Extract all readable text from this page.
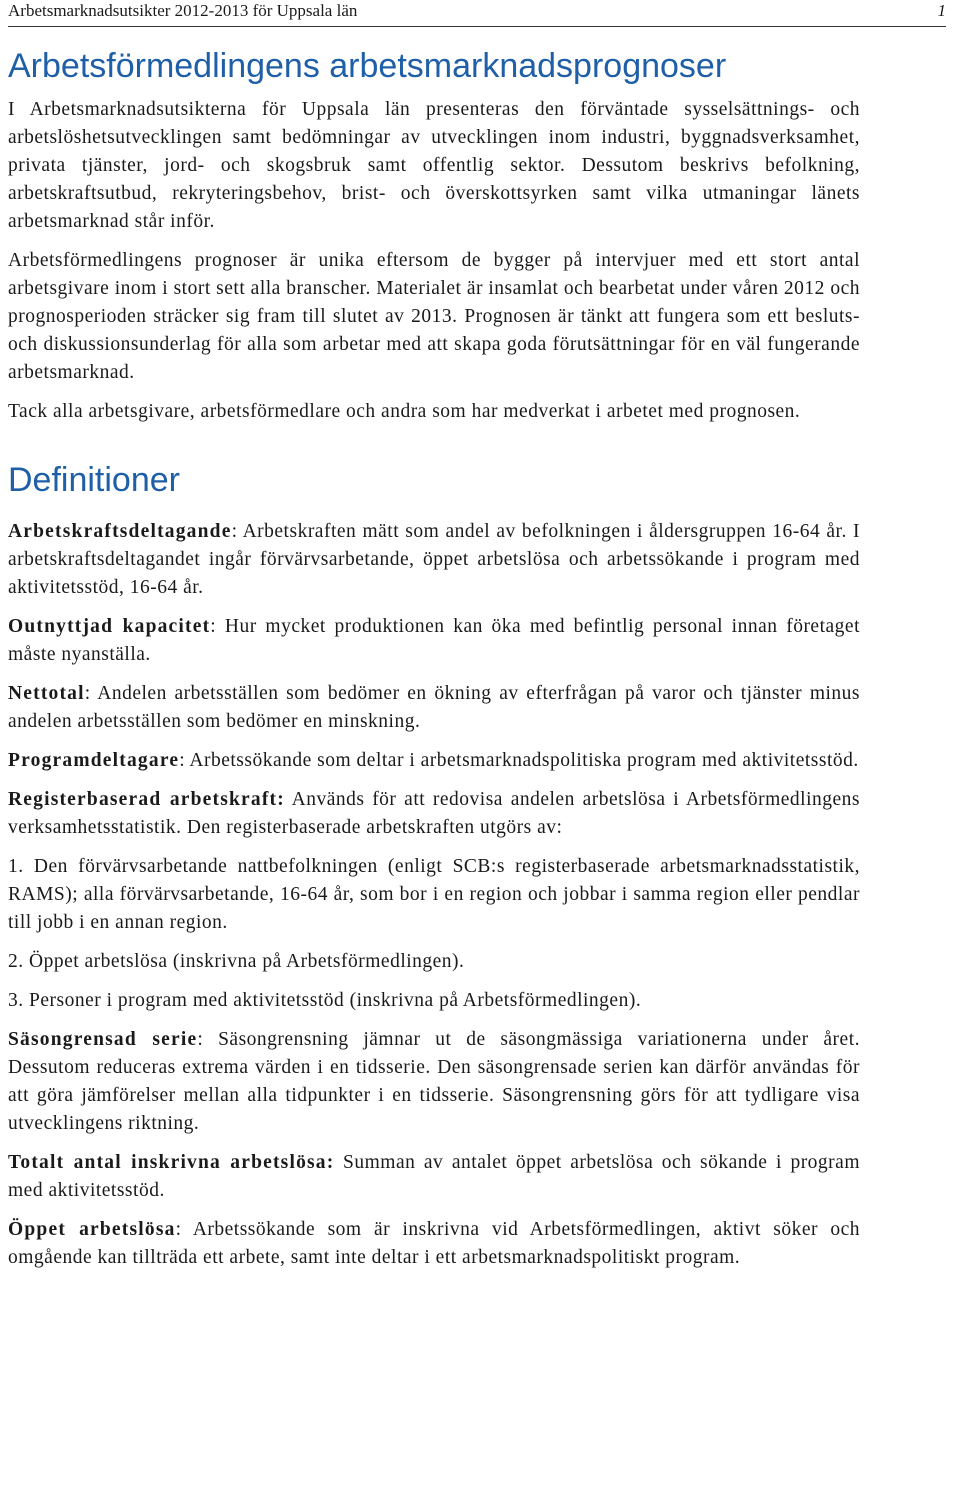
Arbetsmarknadsutsikter 2012-2013 för Uppsala län	1
Arbetsförmedlingens arbetsmarknadsprognoser

I Arbetsmarknadsutsikterna för Uppsala län presenteras den förväntade sysselsättnings- och arbetslöshetsutvecklingen samt bedömningar av utvecklingen inom industri, byggnadsverksamhet, privata tjänster, jord- och skogsbruk samt offentlig sektor. Dessutom beskrivs befolkning, arbetskraftsutbud, rekryteringsbehov, brist- och överskottsyrken samt vilka utmaningar länets arbetsmarknad står inför.

Arbetsförmedlingens prognoser är unika eftersom de bygger på intervjuer med ett stort antal arbetsgivare inom i stort sett alla branscher. Materialet är insamlat och bearbetat under våren 2012 och prognosperioden sträcker sig fram till slutet av 2013. Prognosen är tänkt att fungera som ett besluts- och diskussionsunderlag för alla som arbetar med att skapa goda förutsättningar för en väl fungerande arbetsmarknad.

Tack alla arbetsgivare, arbetsförmedlare och andra som har medverkat i arbetet med prognosen.

Definitioner

Arbetskraftsdeltagande: Arbetskraften mätt som andel av befolkningen i åldersgruppen 16-64 år. I arbetskraftsdeltagandet ingår förvärvsarbetande, öppet arbetslösa och arbetssökande i program med aktivitetsstöd, 16-64 år.

Outnyttjad kapacitet: Hur mycket produktionen kan öka med befintlig personal innan företaget måste nyanställa.

Nettotal: Andelen arbetsställen som bedömer en ökning av efterfrågan på varor och tjänster minus andelen arbetsställen som bedömer en minskning.

Programdeltagare: Arbetssökande som deltar i arbetsmarknadspolitiska program med aktivitetsstöd.

Registerbaserad arbetskraft: Används för att redovisa andelen arbetslösa i Arbetsförmedlingens verksamhetsstatistik. Den registerbaserade arbetskraften utgörs av:

1. Den förvärvsarbetande nattbefolkningen (enligt SCB:s registerbaserade arbetsmarknadsstatistik, RAMS); alla förvärvsarbetande, 16-64 år, som bor i en region och jobbar i samma region eller pendlar till jobb i en annan region.

2. Öppet arbetslösa (inskrivna på Arbetsförmedlingen).

3. Personer i program med aktivitetsstöd (inskrivna på Arbetsförmedlingen).

Säsongrensad serie: Säsongrensning jämnar ut de säsongmässiga variationerna under året. Dessutom reduceras extrema värden i en tidsserie. Den säsongrensade serien kan därför användas för att göra jämförelser mellan alla tidpunkter i en tidsserie. Säsongrensning görs för att tydligare visa utvecklingens riktning.

Totalt antal inskrivna arbetslösa: Summan av antalet öppet arbetslösa och sökande i program med aktivitetsstöd.

Öppet arbetslösa: Arbetssökande som är inskrivna vid Arbetsförmedlingen, aktivt söker och omgående kan tillträda ett arbete, samt inte deltar i ett arbetsmarknadspolitiskt program.
